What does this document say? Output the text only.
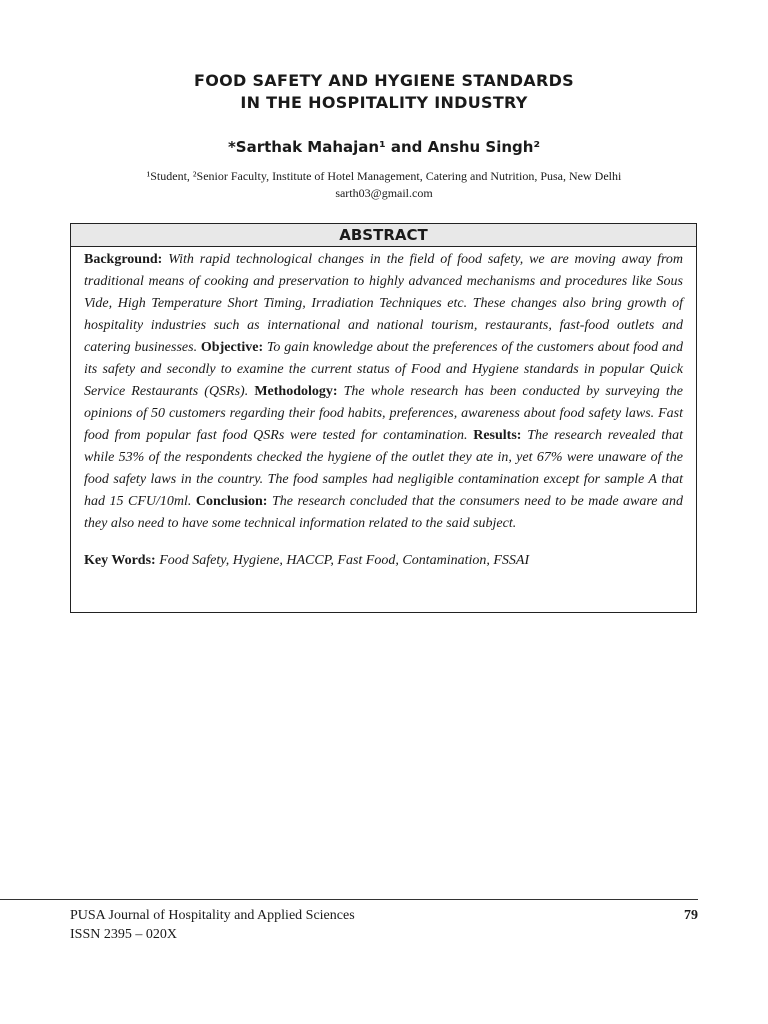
FOOD SAFETY AND HYGIENE STANDARDS
IN THE HOSPITALITY INDUSTRY
*Sarthak Mahajan¹ and Anshu Singh²
¹Student, ²Senior Faculty, Institute of Hotel Management, Catering and Nutrition, Pusa, New Delhi
sarth03@gmail.com
ABSTRACT
Background: With rapid technological changes in the field of food safety, we are moving away from traditional means of cooking and preservation to highly advanced mechanisms and procedures like Sous Vide, High Temperature Short Timing, Irradiation Techniques etc. These changes also bring growth of hospitality industries such as international and national tourism, restaurants, fast-food outlets and catering businesses. Objective: To gain knowledge about the preferences of the customers about food and its safety and secondly to examine the current status of Food and Hygiene standards in popular Quick Service Restaurants (QSRs). Methodology: The whole research has been conducted by surveying the opinions of 50 customers regarding their food habits, preferences, awareness about food safety laws. Fast food from popular fast food QSRs were tested for contamination. Results: The research revealed that while 53% of the respondents checked the hygiene of the outlet they ate in, yet 67% were unaware of the food safety laws in the country. The food samples had negligible contamination except for sample A that had 15 CFU/10ml. Conclusion: The research concluded that the consumers need to be made aware and they also need to have some technical information related to the said subject.
Key Words: Food Safety, Hygiene, HACCP, Fast Food, Contamination, FSSAI
PUSA Journal of Hospitality and Applied Sciences
ISSN 2395 – 020X
79
